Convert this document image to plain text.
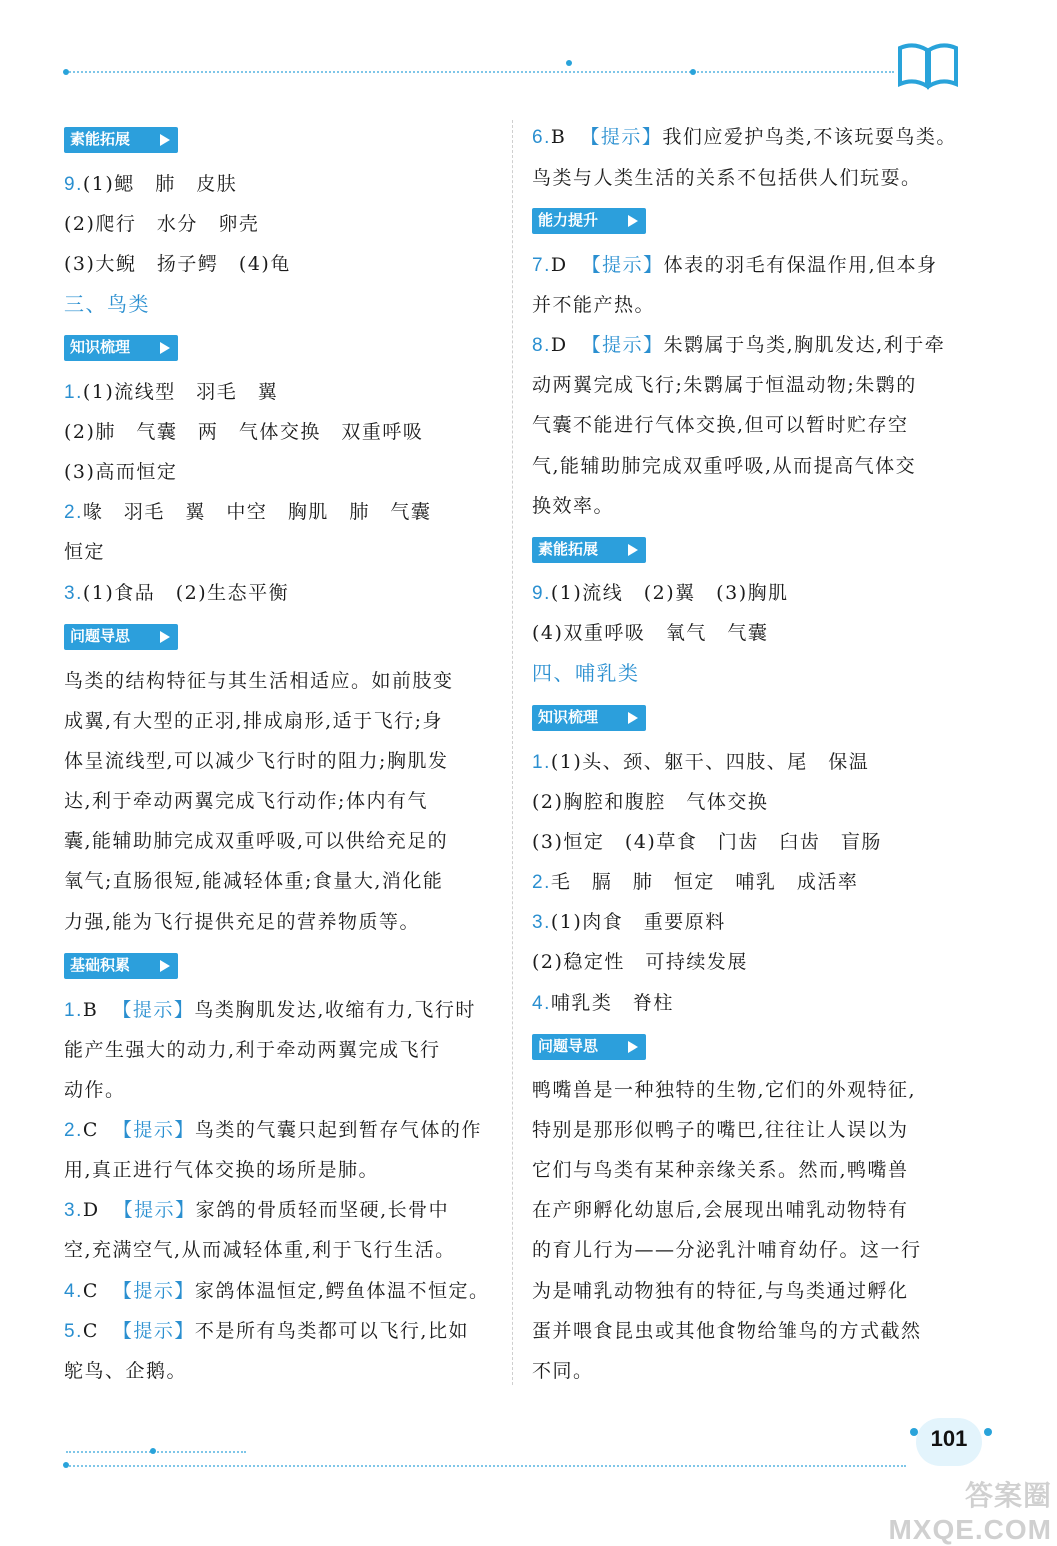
素能拓展
9.(1)鳃　肺　皮肤
(2)爬行　水分　卵壳
(3)大鲵　扬子鳄　(4)龟
三、鸟类
知识梳理
1.(1)流线型　羽毛　翼
(2)肺　气囊　两　气体交换　双重呼吸
(3)高而恒定
2.喙　羽毛　翼　中空　胸肌　肺　气囊
恒定
3.(1)食品　(2)生态平衡
问题导思
鸟类的结构特征与其生活相适应。如前肢变
成翼,有大型的正羽,排成扇形,适于飞行;身
体呈流线型,可以减少飞行时的阻力;胸肌发
达,利于牵动两翼完成飞行动作;体内有气
囊,能辅助肺完成双重呼吸,可以供给充足的
氧气;直肠很短,能减轻体重;食量大,消化能
力强,能为飞行提供充足的营养物质等。
基础积累
1.B 【提示】鸟类胸肌发达,收缩有力,飞行时
能产生强大的动力,利于牵动两翼完成飞行
动作。
2.C 【提示】鸟类的气囊只起到暂存气体的作
用,真正进行气体交换的场所是肺。
3.D 【提示】家鸽的骨质轻而坚硬,长骨中
空,充满空气,从而减轻体重,利于飞行生活。
4.C 【提示】家鸽体温恒定,鳄鱼体温不恒定。
5.C 【提示】不是所有鸟类都可以飞行,比如
鸵鸟、企鹅。
6.B 【提示】我们应爱护鸟类,不该玩耍鸟类。
鸟类与人类生活的关系不包括供人们玩耍。
能力提升
7.D 【提示】体表的羽毛有保温作用,但本身
并不能产热。
8.D 【提示】朱鹮属于鸟类,胸肌发达,利于牵
动两翼完成飞行;朱鹮属于恒温动物;朱鹮的
气囊不能进行气体交换,但可以暂时贮存空
气,能辅助肺完成双重呼吸,从而提高气体交
换效率。
素能拓展
9.(1)流线　(2)翼　(3)胸肌
(4)双重呼吸　氧气　气囊
四、哺乳类
知识梳理
1.(1)头、颈、躯干、四肢、尾　保温
(2)胸腔和腹腔　气体交换
(3)恒定　(4)草食　门齿　臼齿　盲肠
2.毛　膈　肺　恒定　哺乳　成活率
3.(1)肉食　重要原料
(2)稳定性　可持续发展
4.哺乳类　脊柱
问题导思
鸭嘴兽是一种独特的生物,它们的外观特征,
特别是那形似鸭子的嘴巴,往往让人误以为
它们与鸟类有某种亲缘关系。然而,鸭嘴兽
在产卵孵化幼崽后,会展现出哺乳动物特有
的育儿行为——分泌乳汁哺育幼仔。这一行
为是哺乳动物独有的特征,与鸟类通过孵化
蛋并喂食昆虫或其他食物给雏鸟的方式截然
不同。
101
答案圈 MXQE.COM
